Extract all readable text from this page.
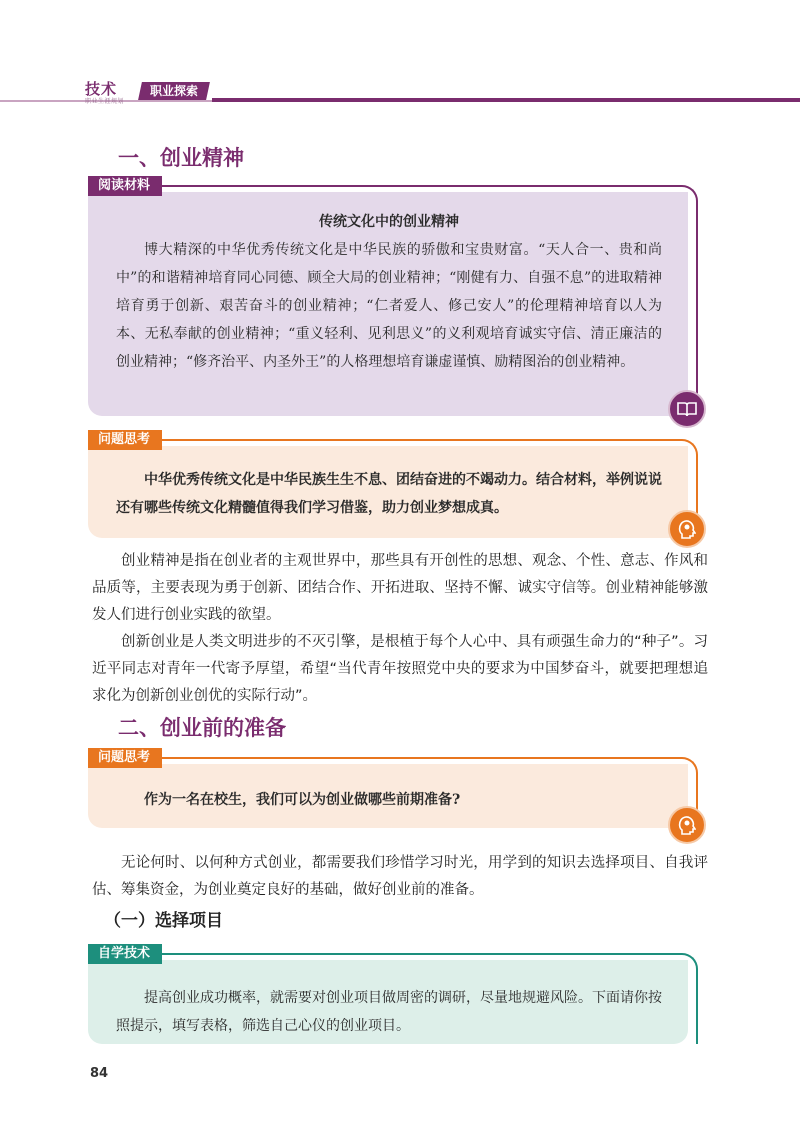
技术
职业生涯规划
职业探索
一、创业精神
阅读材料
传统文化中的创业精神
博大精深的中华优秀传统文化是中华民族的骄傲和宝贵财富。“天人合一、贵和尚中”的和谐精神培育同心同德、顾全大局的创业精神；“刚健有力、自强不息”的进取精神培育勇于创新、艰苦奋斗的创业精神；“仁者爱人、修己安人”的伦理精神培育以人为本、无私奉献的创业精神；“重义轻利、见利思义”的义利观培育诚实守信、清正廉洁的创业精神；“修齐治平、内圣外王”的人格理想培育谦虚谨慎、励精图治的创业精神。
问题思考
中华优秀传统文化是中华民族生生不息、团结奋进的不竭动力。结合材料，举例说说还有哪些传统文化精髓值得我们学习借鉴，助力创业梦想成真。
创业精神是指在创业者的主观世界中，那些具有开创性的思想、观念、个性、意志、作风和品质等，主要表现为勇于创新、团结合作、开拓进取、坚持不懈、诚实守信等。创业精神能够激发人们进行创业实践的欲望。
创新创业是人类文明进步的不灭引擎，是根植于每个人心中、具有顽强生命力的“种子”。习近平同志对青年一代寄予厚望，希望“当代青年按照党中央的要求为中国梦奋斗，就要把理想追求化为创新创业创优的实际行动”。
二、创业前的准备
问题思考
作为一名在校生，我们可以为创业做哪些前期准备?
无论何时、以何种方式创业，都需要我们珍惜学习时光，用学到的知识去选择项目、自我评估、筹集资金，为创业奠定良好的基础，做好创业前的准备。
（一）选择项目
自学技术
提高创业成功概率，就需要对创业项目做周密的调研，尽量地规避风险。下面请你按照提示，填写表格，筛选自己心仪的创业项目。
84
